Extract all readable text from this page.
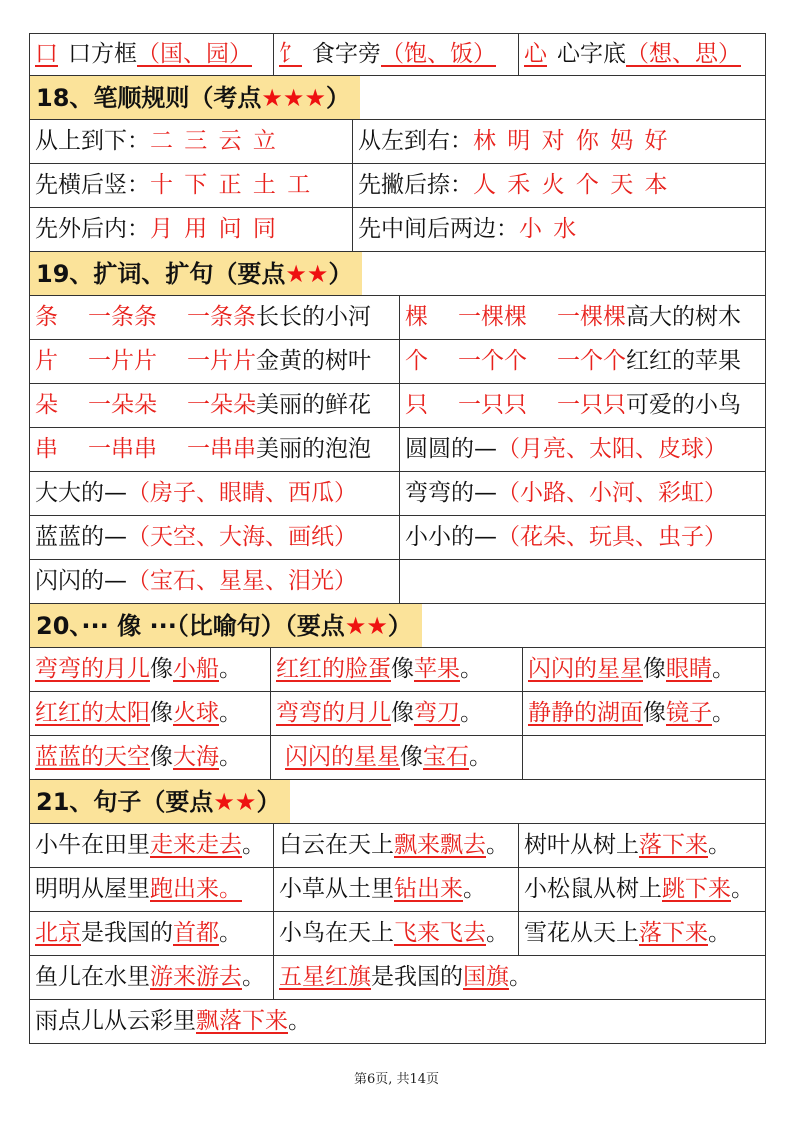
口 口方框 （国、园） 饣 食字旁 （饱、饭） 心 心字底 （想、思）
18、笔顺规则（考点 ★★★ ）
从上到下： 二 三 云 立	从左到右： 林 明 对 你 妈 好
先横后竖： 十 下 正 土 工 先撇后捺： 人 禾 火 个 天 本
先外后内： 月 用 问 同	先中间后两边： 小 水
19、扩词、扩句（要点 ★★ ）
条 一条条 一条条 长长的小河 棵 一棵棵 一棵棵 高大的树木
片 一片片 一片片 金黄的树叶 个 一个个 一个个 红红的苹果
朵 一朵朵 一朵朵 美丽的鲜花 只 一只只 一只只 可爱的小鸟
串 一串串 一串串 美丽的泡泡 圆圆的— （月亮、太阳、皮球）
大大的— （房子、眼睛、西瓜） 弯弯的— （小路、小河、彩虹）
蓝蓝的— （天空、大海、画纸） 小小的— （花朵、玩具、虫子）
闪闪的— （宝石、星星、泪光）
20、··· 像 ···（比喻句）（要点 ★★ ）
弯弯的月儿 像 小船 。 红红的脸蛋 像 苹果 。 闪闪的星星 像 眼睛 。
红红的太阳 像 火球 。 弯弯的月儿 像 弯刀 。 静静的湖面 像 镜子 。
蓝蓝的天空 像 大海 。 闪闪的星星 像 宝石 。
21、句子（要点 ★★ ）
小牛在田里 走来走去 。 白云在天上 飘来飘去 。 树叶从树上 落下来 。
明明从屋里 跑出来。 小草从土里 钻出来 。 小松鼠从树上 跳下来 。
北京 是我国的 首都 。 小鸟在天上 飞来飞去 。 雪花从天上 落下来 。
鱼儿在水里 游来游去 。 五星红旗 是我国的 国旗 。
雨点儿从云彩里 飘落下来 。
第6页, 共14页
